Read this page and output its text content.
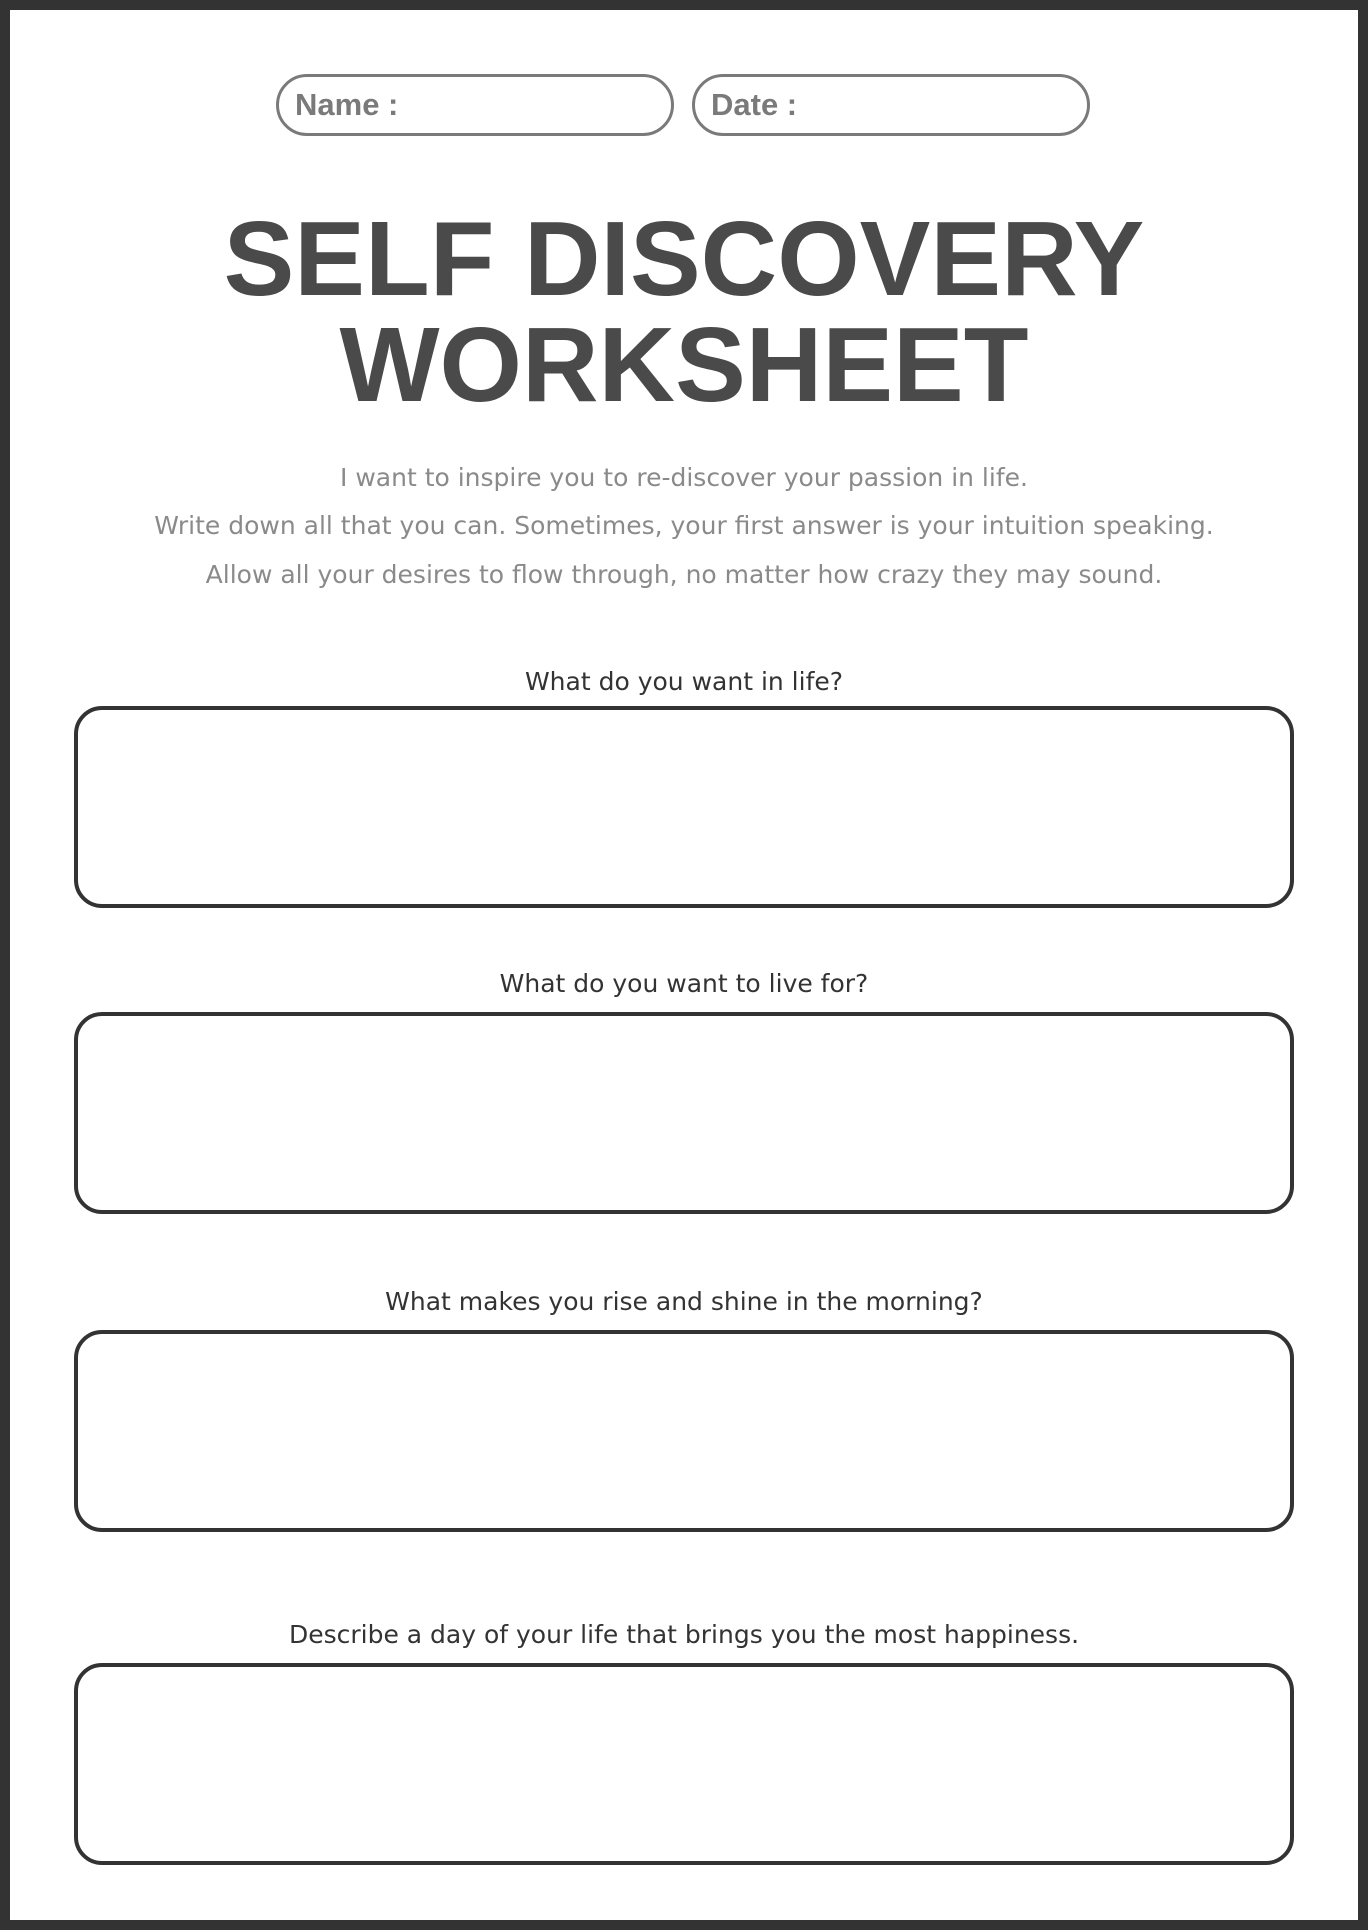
Name :	Date :
SELF DISCOVERY
WORKSHEET
I want to inspire you to re-discover your passion in life.
Write down all that you can. Sometimes, your first answer is your intuition speaking.
Allow all your desires to flow through, no matter how crazy they may sound.
What do you want in life?
What do you want to live for?
What makes you rise and shine in the morning?
Describe a day of your life that brings you the most happiness.
